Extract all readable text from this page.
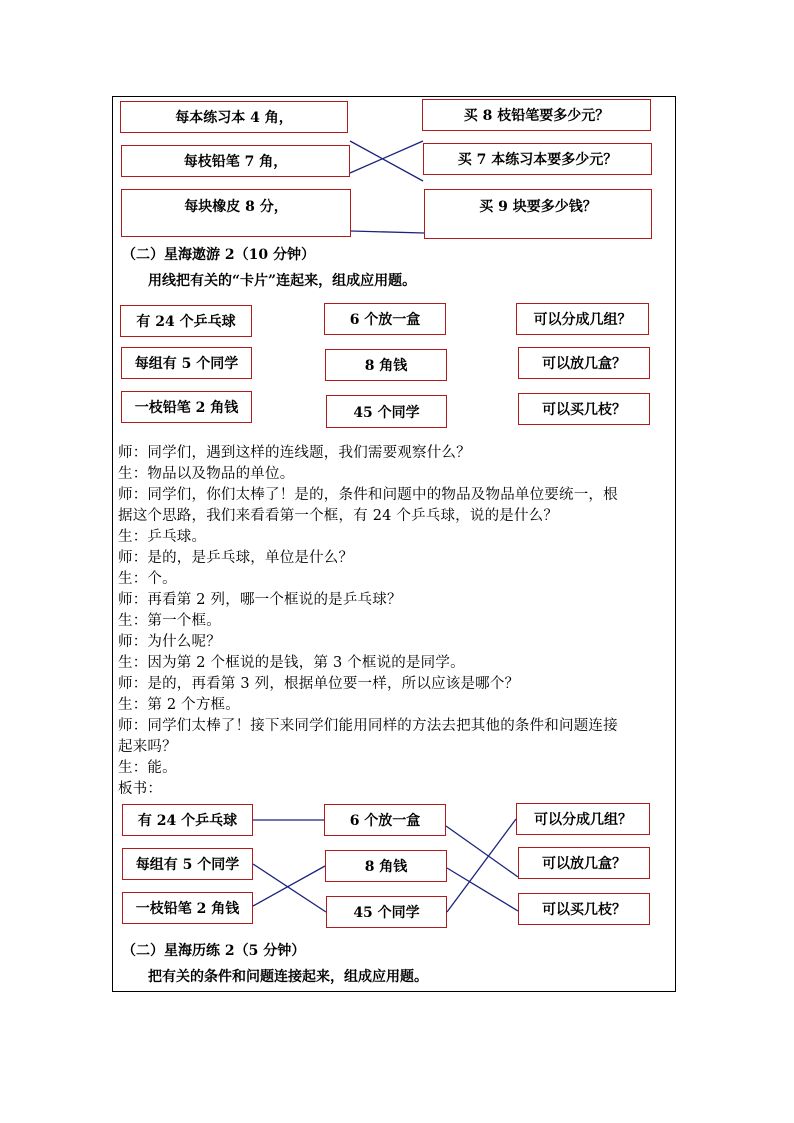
每本练习本 4 角，
每枝铅笔 7 角，
每块橡皮 8 分，
买 8 枝铅笔要多少元？
买 7 本练习本要多少元？
买 9 块要多少钱？
（二）星海遨游 2（10 分钟）
用线把有关的“卡片”连起来，组成应用题。
有 24 个乒乓球
每组有 5 个同学
一枝铅笔 2 角钱
6 个放一盒
8 角钱
45 个同学
可以分成几组？
可以放几盒？
可以买几枝？
师：同学们，遇到这样的连线题，我们需要观察什么？
生：物品以及物品的单位。
师：同学们，你们太棒了！是的，条件和问题中的物品及物品单位要统一，根
据这个思路，我们来看看第一个框，有 24 个乒乓球，说的是什么？
生：乒乓球。
师：是的，是乒乓球，单位是什么？
生：个。
师：再看第 2 列，哪一个框说的是乒乓球？
生：第一个框。
师：为什么呢？
生：因为第 2 个框说的是钱，第 3 个框说的是同学。
师：是的，再看第 3 列，根据单位要一样，所以应该是哪个？
生：第 2 个方框。
师：同学们太棒了！接下来同学们能用同样的方法去把其他的条件和问题连接
起来吗？
生：能。
板书：
有 24 个乒乓球
每组有 5 个同学
一枝铅笔 2 角钱
6 个放一盒
8 角钱
45 个同学
可以分成几组？
可以放几盒？
可以买几枝？
（二）星海历练 2（5 分钟）
把有关的条件和问题连接起来，组成应用题。
